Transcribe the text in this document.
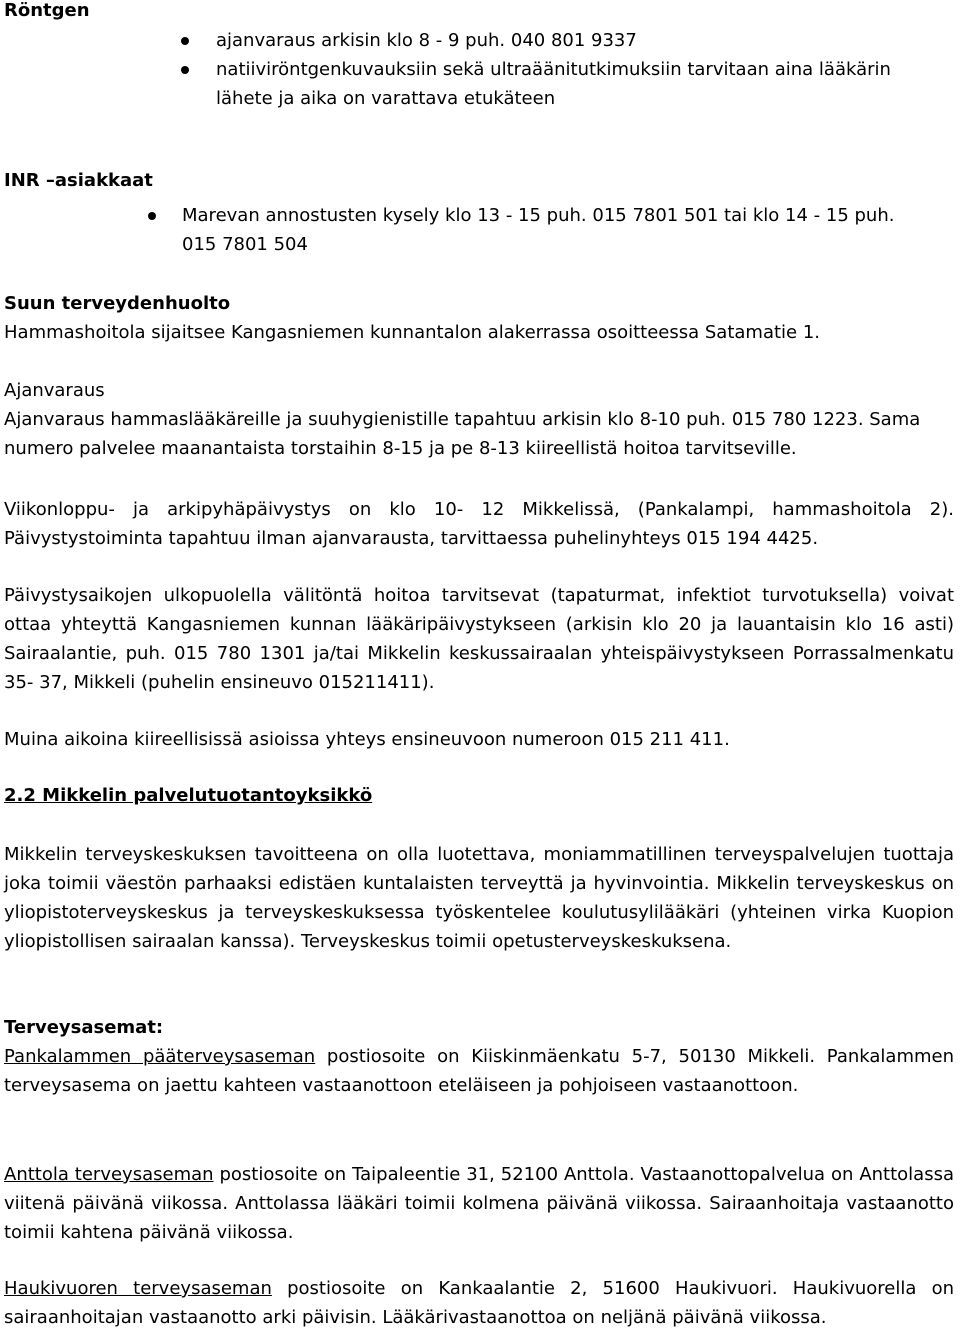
Röntgen

ajanvaraus arkisin klo 8 - 9 puh. 040 801 9337
natiiviröntgenkuvauksiin sekä ultraäänitutkimuksiin tarvitaan aina lääkärin lähete ja aika on varattava etukäteen

INR –asiakkaat

Marevan annostusten kysely klo 13 - 15 puh. 015 7801 501 tai klo 14 - 15 puh. 015 7801 504

Suun terveydenhuolto

Hammashoitola sijaitsee Kangasniemen kunnantalon alakerrassa osoitteessa Satamatie 1.

Ajanvaraus

Ajanvaraus hammaslääkäreille ja suuhygienistille tapahtuu arkisin klo 8-10 puh. 015 780 1223. Sama numero palvelee maanantaista torstaihin 8-15 ja pe 8-13 kiireellistä hoitoa tarvitseville.

Viikonloppu- ja arkipyhäpäivystys on klo 10- 12 Mikkelissä, (Pankalampi, hammashoitola 2). Päivystystoiminta tapahtuu ilman ajanvarausta, tarvittaessa puhelinyhteys 015 194 4425.

Päivystysaikojen ulkopuolella välitöntä hoitoa tarvitsevat (tapaturmat, infektiot turvotuksella) voivat ottaa yhteyttä Kangasniemen kunnan lääkäripäivystykseen (arkisin klo 20 ja lauantaisin klo 16 asti) Sairaalantie, puh. 015 780 1301 ja/tai Mikkelin keskussairaalan yhteispäivystykseen Porrassalmenkatu 35- 37, Mikkeli (puhelin ensineuvo 015211411).

Muina aikoina kiireellisissä asioissa yhteys ensineuvoon numeroon 015 211 411.

2.2 Mikkelin palvelutuotantoyksikkö

Mikkelin terveyskeskuksen tavoitteena on olla luotettava, moniammatillinen terveyspalvelujen tuottaja joka toimii väestön parhaaksi edistäen kuntalaisten terveyttä ja hyvinvointia. Mikkelin terveyskeskus on yliopistoterveyskeskus ja terveyskeskuksessa työskentelee koulutusylilääkäri (yhteinen virka Kuopion yliopistollisen sairaalan kanssa). Terveyskeskus toimii opetusterveyskeskuksena.

Terveysasemat:

Pankalammen pääterveysaseman postiosoite on Kiiskinmäenkatu 5-7, 50130 Mikkeli. Pankalammen terveysasema on jaettu kahteen vastaanottoon eteläiseen ja pohjoiseen vastaanottoon.

Anttola terveysaseman postiosoite on Taipaleentie 31, 52100 Anttola. Vastaanottopalvelua on Anttolassa viitenä päivänä viikossa. Anttolassa lääkäri toimii kolmena päivänä viikossa. Sairaanhoitaja vastaanotto toimii kahtena päivänä viikossa.

Haukivuoren terveysaseman postiosoite on Kankaalantie 2, 51600 Haukivuori. Haukivuorella on sairaanhoitajan vastaanotto arki päivisin. Lääkärivastaanottoa on neljänä päivänä viikossa.
